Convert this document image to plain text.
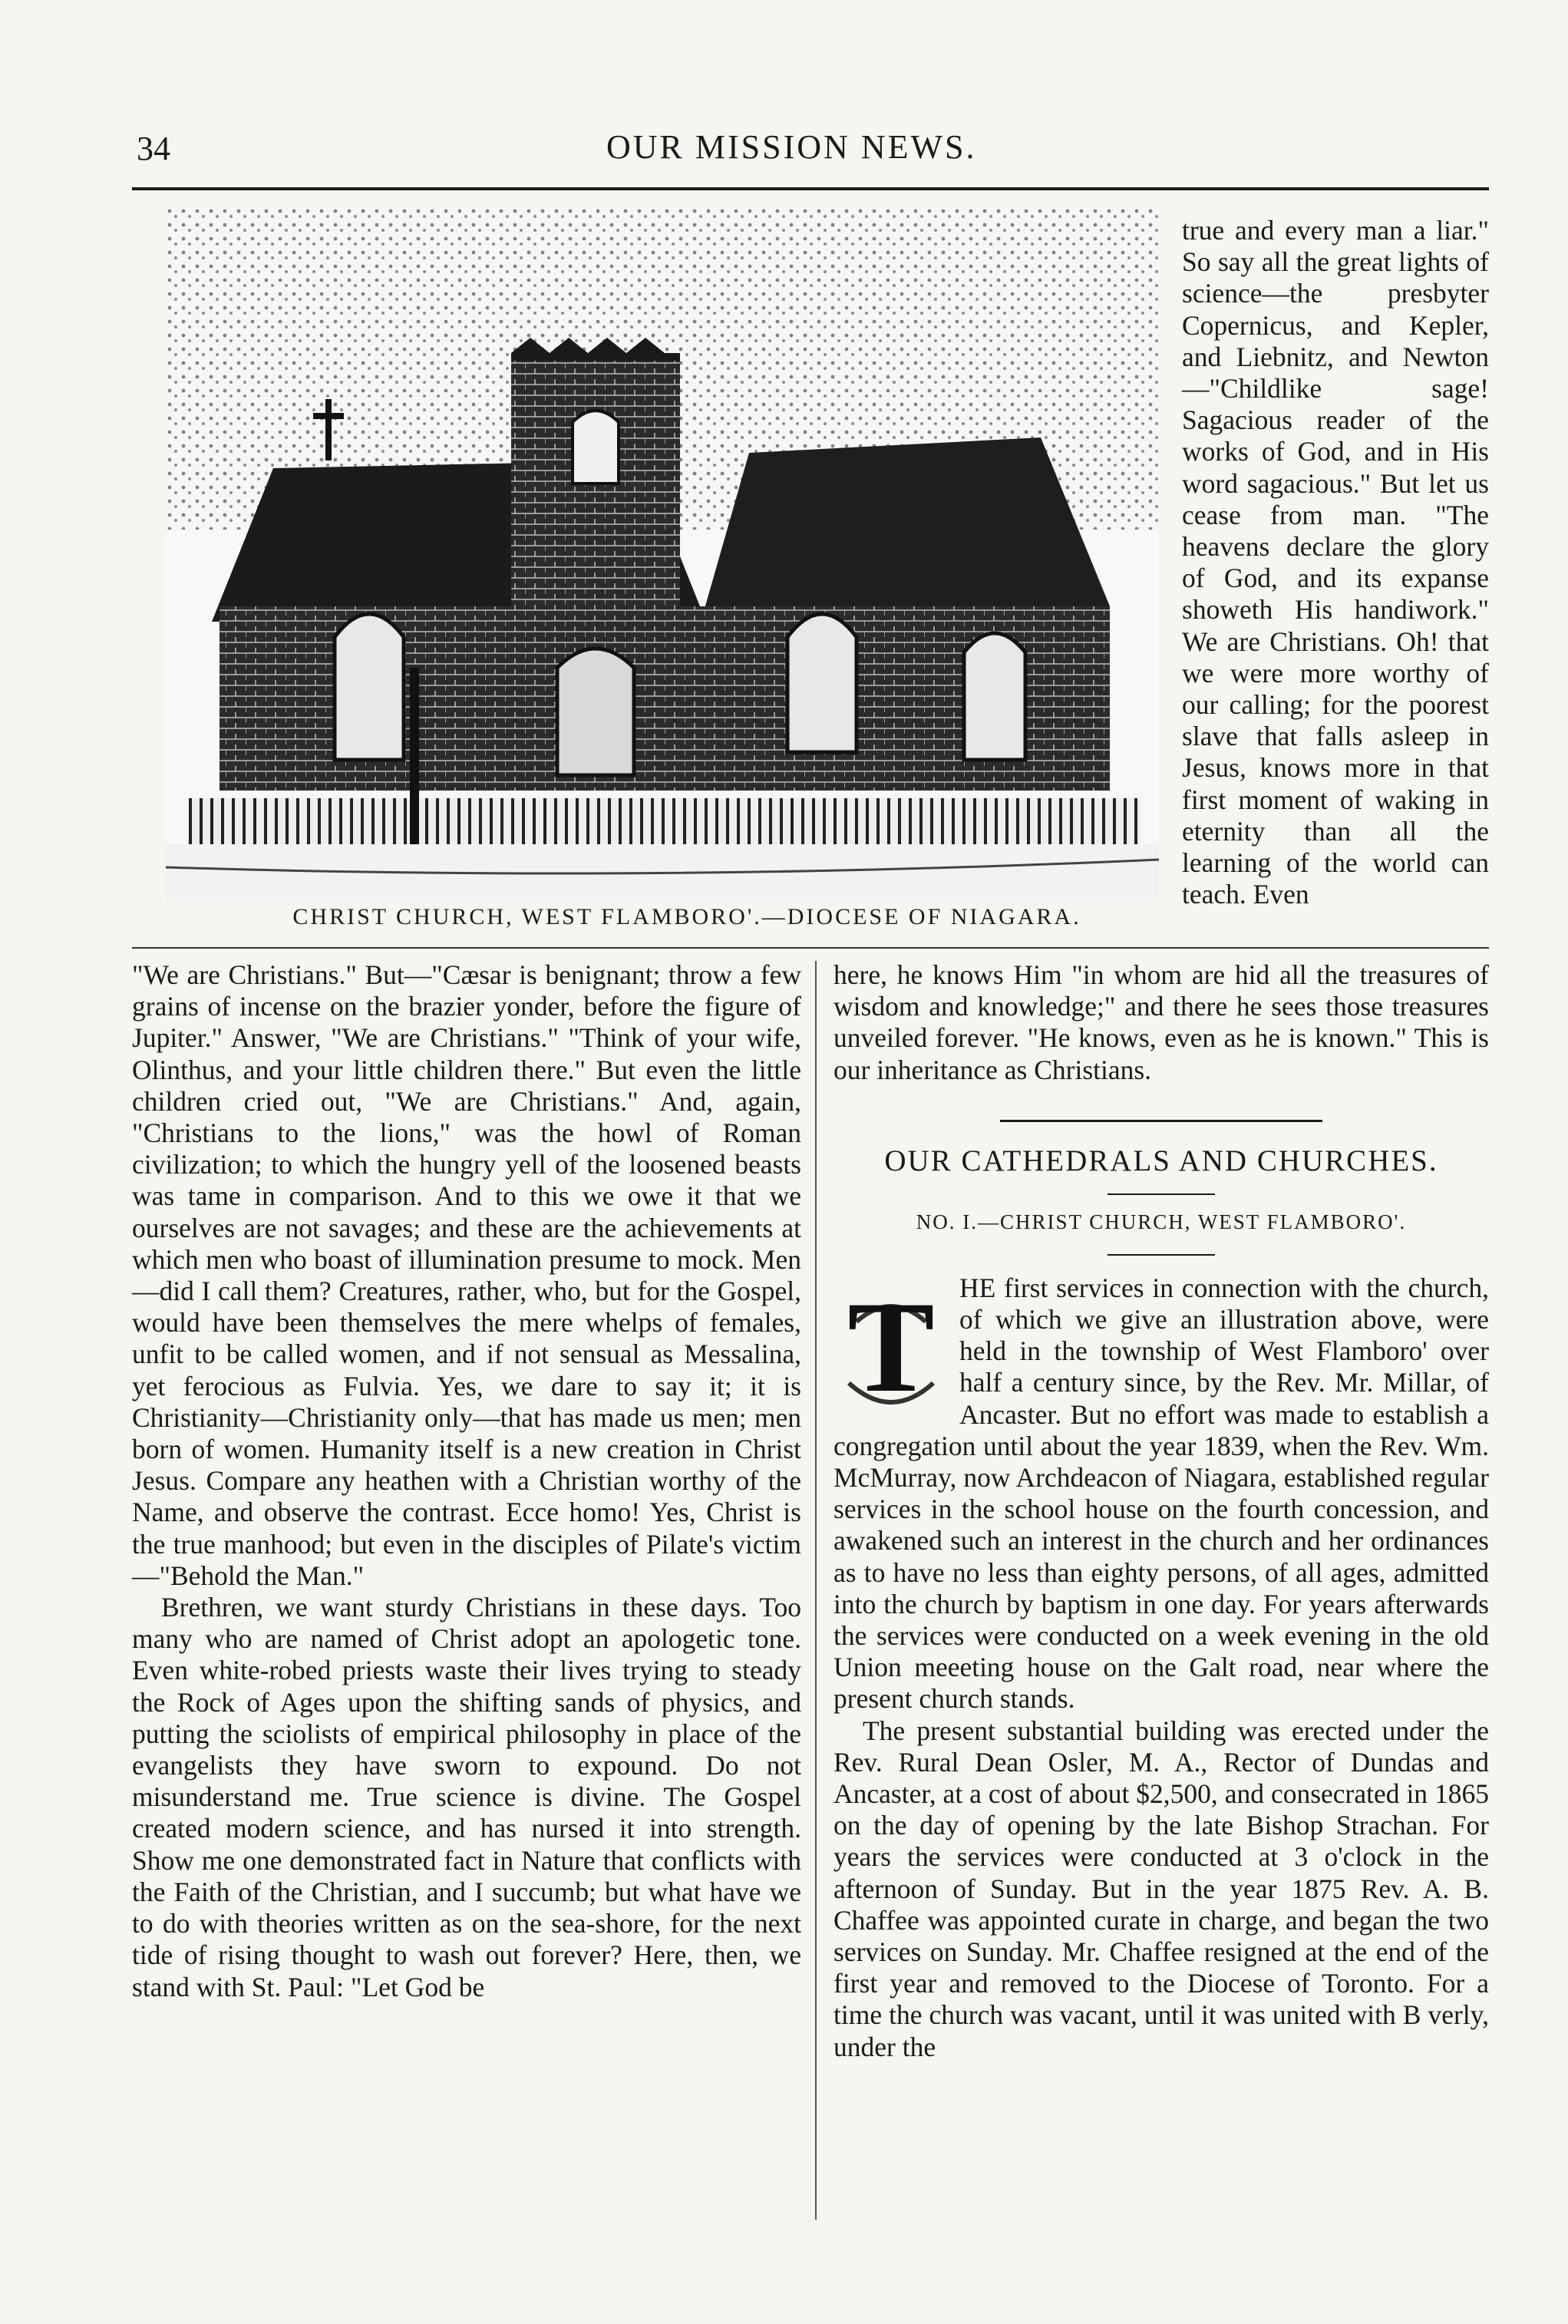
34	OUR MISSION NEWS.
CHRIST CHURCH, WEST FLAMBORO'.—DIOCESE OF NIAGARA.

true and every man a liar." So say all the great lights of science—the presbyter Copernicus, and Kepler, and Liebnitz, and Newton—"Childlike sage! Sagacious reader of the works of God, and in His word sagacious." But let us cease from man. "The heavens declare the glory of God, and its expanse showeth His handiwork." We are Christians. Oh! that we were more worthy of our calling; for the poorest slave that falls asleep in Jesus, knows more in that first moment of waking in eternity than all the learning of the world can teach. Even

"We are Christians." But—"Cæsar is benignant; throw a few grains of incense on the brazier yonder, before the figure of Jupiter." Answer, "We are Christians." "Think of your wife, Olinthus, and your little children there." But even the little children cried out, "We are Christians." And, again, "Christians to the lions," was the howl of Roman civilization; to which the hungry yell of the loosened beasts was tame in comparison. And to this we owe it that we ourselves are not savages; and these are the achievements at which men who boast of illumination presume to mock. Men—did I call them? Creatures, rather, who, but for the Gospel, would have been themselves the mere whelps of females, unfit to be called women, and if not sensual as Messalina, yet ferocious as Fulvia. Yes, we dare to say it; it is Christianity—Christianity only—that has made us men; men born of women. Humanity itself is a new creation in Christ Jesus. Compare any heathen with a Christian worthy of the Name, and observe the contrast. Ecce homo! Yes, Christ is the true manhood; but even in the disciples of Pilate's victim—"Behold the Man."

Brethren, we want sturdy Christians in these days. Too many who are named of Christ adopt an apologetic tone. Even white-robed priests waste their lives trying to steady the Rock of Ages upon the shifting sands of physics, and putting the sciolists of empirical philosophy in place of the evangelists they have sworn to expound. Do not misunderstand me. True science is divine. The Gospel created modern science, and has nursed it into strength. Show me one demonstrated fact in Nature that conflicts with the Faith of the Christian, and I succumb; but what have we to do with theories written as on the sea-shore, for the next tide of rising thought to wash out forever? Here, then, we stand with St. Paul: "Let God be

here, he knows Him "in whom are hid all the treasures of wisdom and knowledge;" and there he sees those treasures unveiled forever. "He knows, even as he is known." This is our inheritance as Christians.

OUR CATHEDRALS AND CHURCHES.
NO. I.—CHRIST CHURCH, WEST FLAMBORO'.
T HE first services in connection with the church, of which we give an illustration above, were held in the township of West Flamboro' over half a century since, by the Rev. Mr. Millar, of Ancaster. But no effort was made to establish a congregation until about the year 1839, when the Rev. Wm. McMurray, now Archdeacon of Niagara, established regular services in the school house on the fourth concession, and awakened such an interest in the church and her ordinances as to have no less than eighty persons, of all ages, admitted into the church by baptism in one day. For years afterwards the services were conducted on a week evening in the old Union meeeting house on the Galt road, near where the present church stands.

The present substantial building was erected under the Rev. Rural Dean Osler, M. A., Rector of Dundas and Ancaster, at a cost of about $2,500, and consecrated in 1865 on the day of opening by the late Bishop Strachan. For years the services were conducted at 3 o'clock in the afternoon of Sunday. But in the year 1875 Rev. A. B. Chaffee was appointed curate in charge, and began the two services on Sunday. Mr. Chaffee resigned at the end of the first year and removed to the Diocese of Toronto. For a time the church was vacant, until it was united with B verly, under the
